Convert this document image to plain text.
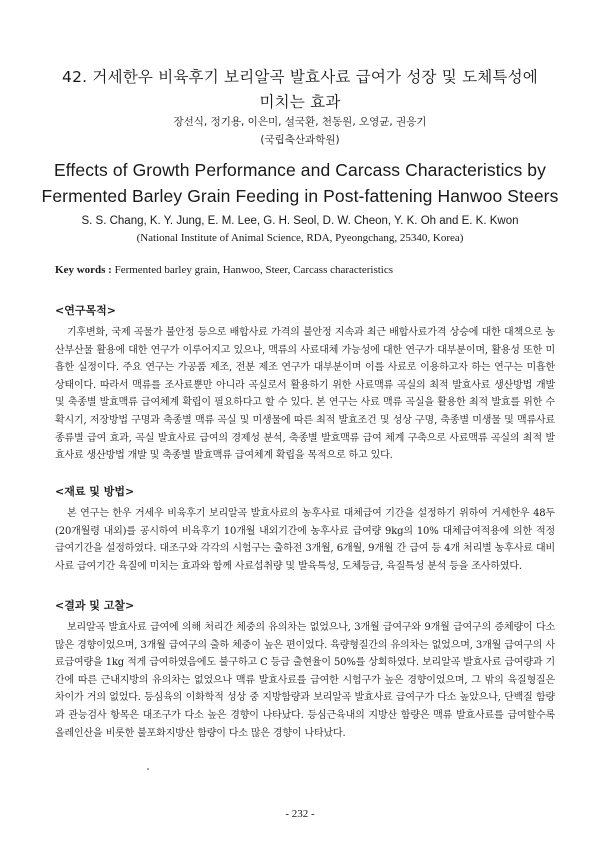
42. 거세한우 비육후기 보리알곡 발효사료 급여가 성장 및 도체특성에
미치는 효과
장선식, 정기용, 이은미, 설국환, 천동원, 오영균, 권응기
(국립축산과학원)
Effects of Growth Performance and Carcass Characteristics by
Fermented Barley Grain Feeding in Post-fattening Hanwoo Steers
S. S. Chang, K. Y. Jung, E. M. Lee, G. H. Seol, D. W. Cheon, Y. K. Oh and E. K. Kwon
(National Institute of Animal Science, RDA, Pyeongchang, 25340, Korea)
Key words : Fermented barley grain, Hanwoo, Steer, Carcass characteristics
<연구목적>

기후변화, 국제 곡물가 불안정 등으로 배합사료 가격의 불안정 지속과 최근 배합사료가격 상승에 대한 대책으로 농산부산물 활용에 대한 연구가 이루어지고 있으나, 맥류의 사료대체 가능성에 대한 연구가 대부분이며, 활용성 또한 미흡한 실정이다. 주요 연구는 가공품 제조, 전분 제조 연구가 대부분이며 이를 사료로 이용하고자 하는 연구는 미흡한 상태이다. 따라서 맥류를 조사료뿐만 아니라 곡실로서 활용하기 위한 사료맥류 곡실의 최적 발효사료 생산방법 개발 및 축종별 발효맥류 급여체계 확립이 필요하다고 할 수 있다. 본 연구는 사료 맥류 곡실을 활용한 최적 발효를 위한 수확시기, 저장방법 구명과 축종별 맥류 곡실 및 미생물에 따른 최적 발효조건 및 성상 구명, 축종별 미생물 및 맥류사료 종류별 급여 효과, 곡실 발효사료 급여의 경제성 분석, 축종별 발효맥류 급여 체계 구축으로 사료맥류 곡실의 최적 발효사료 생산방법 개발 및 축종별 발효맥류 급여체계 확립을 목적으로 하고 있다.

<재료 및 방법>

본 연구는 한우 거세우 비육후기 보리알곡 발효사료의 농후사료 대체급여 기간을 설정하기 위하여 거세한우 48두(20개월령 내외)를 공시하여 비육후기 10개월 내외기간에 농후사료 급여량 9kg의 10% 대체급여적용에 의한 적정 급여기간을 설정하였다. 대조구와 각각의 시험구는 출하전 3개월, 6개월, 9개월 간 급여 등 4개 처리별 농후사료 대비 사료 급여기간 육질에 미치는 효과와 함께 사료섭취량 및 발육특성, 도체등급, 육질특성 분석 등을 조사하였다.

<결과 및 고찰>

보리알곡 발효사료 급여에 의해 처리간 체중의 유의차는 없었으나, 3개월 급여구와 9개월 급여구의 증체량이 다소 많은 경향이었으며, 3개월 급여구의 출하 체중이 높은 편이었다. 육량형질간의 유의차는 없었으며, 3개월 급여구의 사료급여량을 1kg 적게 급여하였음에도 불구하고 C 등급 출현율이 50%를 상회하였다. 보리알곡 발효사료 급여량과 기간에 따른 근내지방의 유의차는 없었으나 맥류 발효사료를 급여한 시험구가 높은 경향이었으며, 그 밖의 육질형질은 차이가 거의 없었다. 등심육의 이화학적 성상 중 지방함량과 보리알곡 발효사료 급여구가 다소 높았으나, 단백질 함량과 관능검사 항목은 대조구가 다소 높은 경향이 나타났다. 등심근육내의 지방산 함량은 맥류 발효사료를 급여할수록 올레인산을 비롯한 불포화지방산 함량이 다소 많은 경향이 나타났다.

- 232 -
